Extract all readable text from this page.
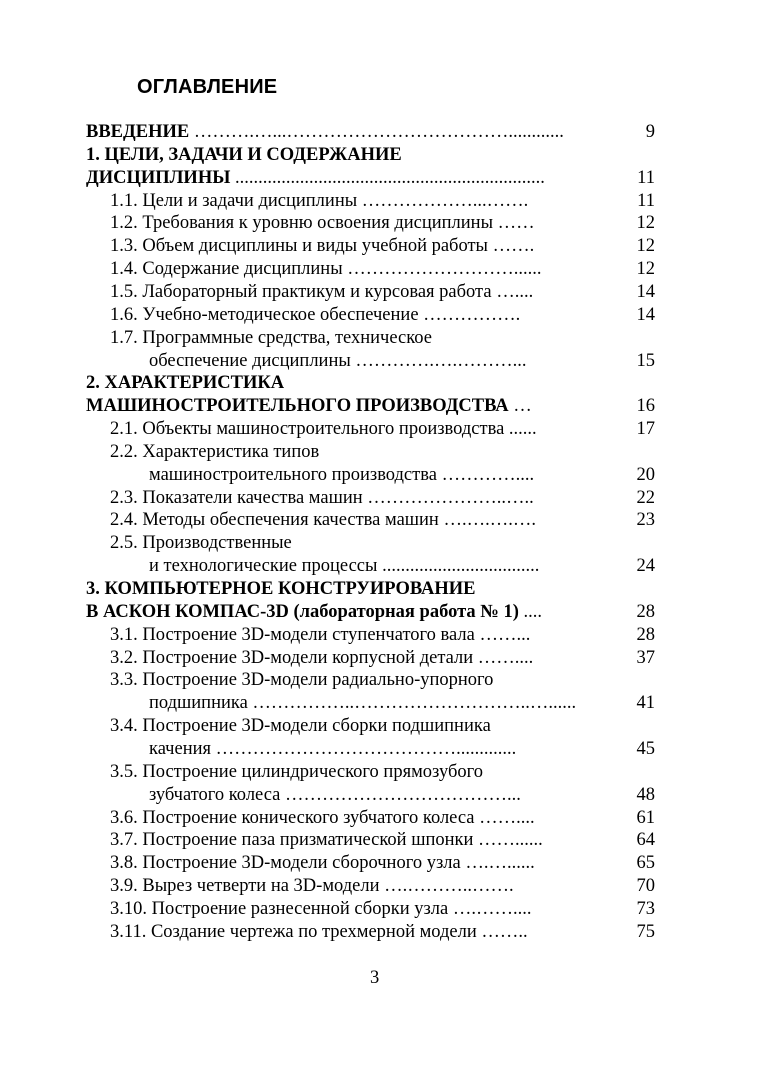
ОГЛАВЛЕНИЕ
ВВЕДЕНИЕ ……….…...………………………………............	9
1. ЦЕЛИ, ЗАДАЧИ И СОДЕРЖАНИЕ
ДИСЦИПЛИНЫ ...................................................................	11
1.1. Цели и задачи дисциплины ………………...…….	11
1.2. Требования к уровню освоения дисциплины ……	12
1.3. Объем дисциплины и виды учебной работы …….	12
1.4. Содержание дисциплины ………………………......	12
1.5. Лабораторный практикум и курсовая работа …....	14
1.6. Учебно-методическое обеспечение …………….	14
1.7. Программные средства, техническое
обеспечение дисциплины ………….….………...	15
2. ХАРАКТЕРИСТИКА
МАШИНОСТРОИТЕЛЬНОГО ПРОИЗВОДСТВА …	16
2.1. Объекты машиностроительного производства ......	17
2.2. Характеристика типов
машиностроительного производства …………....	20
2.3. Показатели качества машин …………………..…..	22
2.4. Методы обеспечения качества машин ….….….….	23
2.5. Производственные
и технологические процессы ..................................	24
3. КОМПЬЮТЕРНОЕ КОНСТРУИРОВАНИЕ
В АСКОН КОМПАС-3D (лабораторная работа № 1) ....	28
3.1. Построение 3D-модели ступенчатого вала ……...	28
3.2. Построение 3D-модели корпусной детали ……....	37
3.3. Построение 3D-модели радиально-упорного
подшипника ……………..………………………..…......	41
3.4. Построение 3D-модели сборки подшипника
качения ………………………………….............	45
3.5. Построение цилиндрического прямозубого
зубчатого колеса ………………………………...	48
3.6. Построение конического зубчатого колеса ……....	61
3.7. Построение паза призматической шпонки ……......	64
3.8. Построение 3D-модели сборочного узла ….…......	65
3.9. Вырез четверти на 3D-модели ….………..…….	70
3.10. Построение разнесенной сборки узла ….……....	73
3.11. Создание чертежа по трехмерной модели ……..	75
3
